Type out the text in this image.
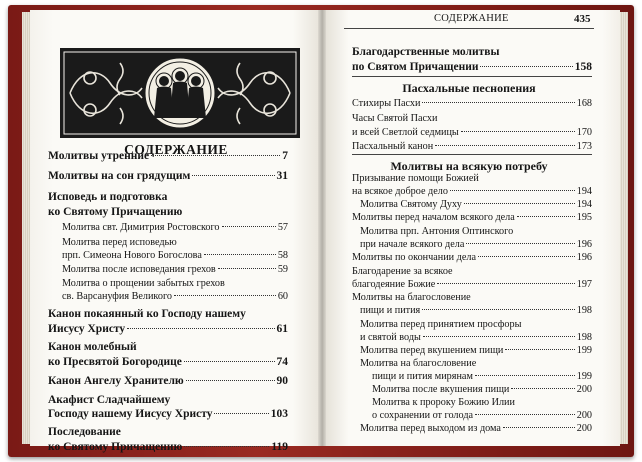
СОДЕРЖАНИЕ
Молитвы утренние	7
Молитвы на сон грядущим	31
Исповедь и подготовка
ко Святому Причащению
Молитва свт. Димитрия Ростовского	57
Молитва перед исповедью
прп. Симеона Нового Богослова	58
Молитва после исповедания грехов	59
Молитва о прощении забытых грехов
св. Варсануфия Великого	60
Канон покаянный ко Господу нашему
Иисусу Христу	61
Канон молебный
ко Пресвятой Богородице	74
Канон Ангелу Хранителю	90
Акафист Сладчайшему
Господу нашему Иисусу Христу	103
Последование
ко Святому Причащению	119
СОДЕРЖАНИЕ	435
Благодарственные молитвы
по Святом Причащении	158
Пасхальные песнопения
Стихиры Пасхи	168
Часы Святой Пасхи
и всей Светлой седмицы	170
Пасхальный канон	173
Молитвы на всякую потребу
Призывание помощи Божией
на всякое доброе дело	194
Молитва Святому Духу	194
Молитвы перед началом всякого дела	195
Молитва прп. Антония Оптинского
при начале всякого дела	196
Молитвы по окончании дела	196
Благодарение за всякое
благодеяние Божие	197
Молитвы на благословение
пищи и пития	198
Молитва перед принятием просфоры
и святой воды	198
Молитва перед вкушением пищи	199
Молитва на благословение
пищи и пития мирянам	199
Молитва после вкушения пищи	200
Молитва к пророку Божию Илии
о сохранении от голода	200
Молитва перед выходом из дома	200
